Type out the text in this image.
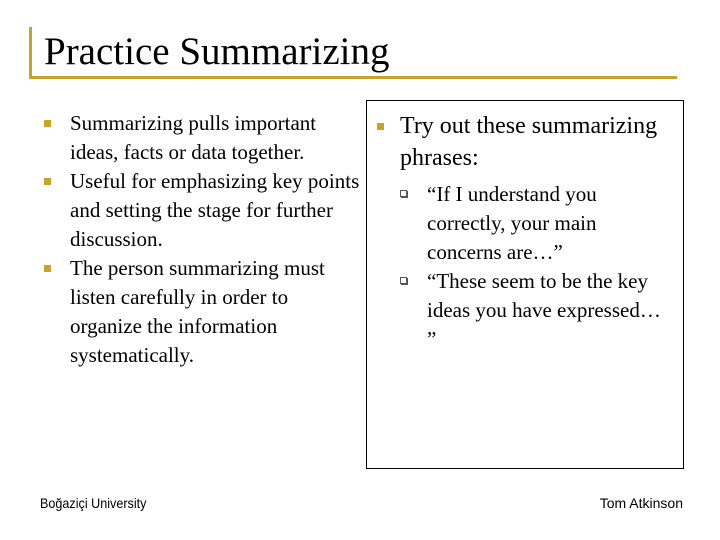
Practice Summarizing
Summarizing pulls important ideas, facts or data together.
Useful for emphasizing key points and setting the stage for further discussion.
The person summarizing must listen carefully in order to organize the information systematically.
Try out these summarizing phrases:
“If I understand you correctly, your main concerns are…”
“These seem to be the key ideas you have expressed… ”
Boğaziçi University	Tom Atkinson
